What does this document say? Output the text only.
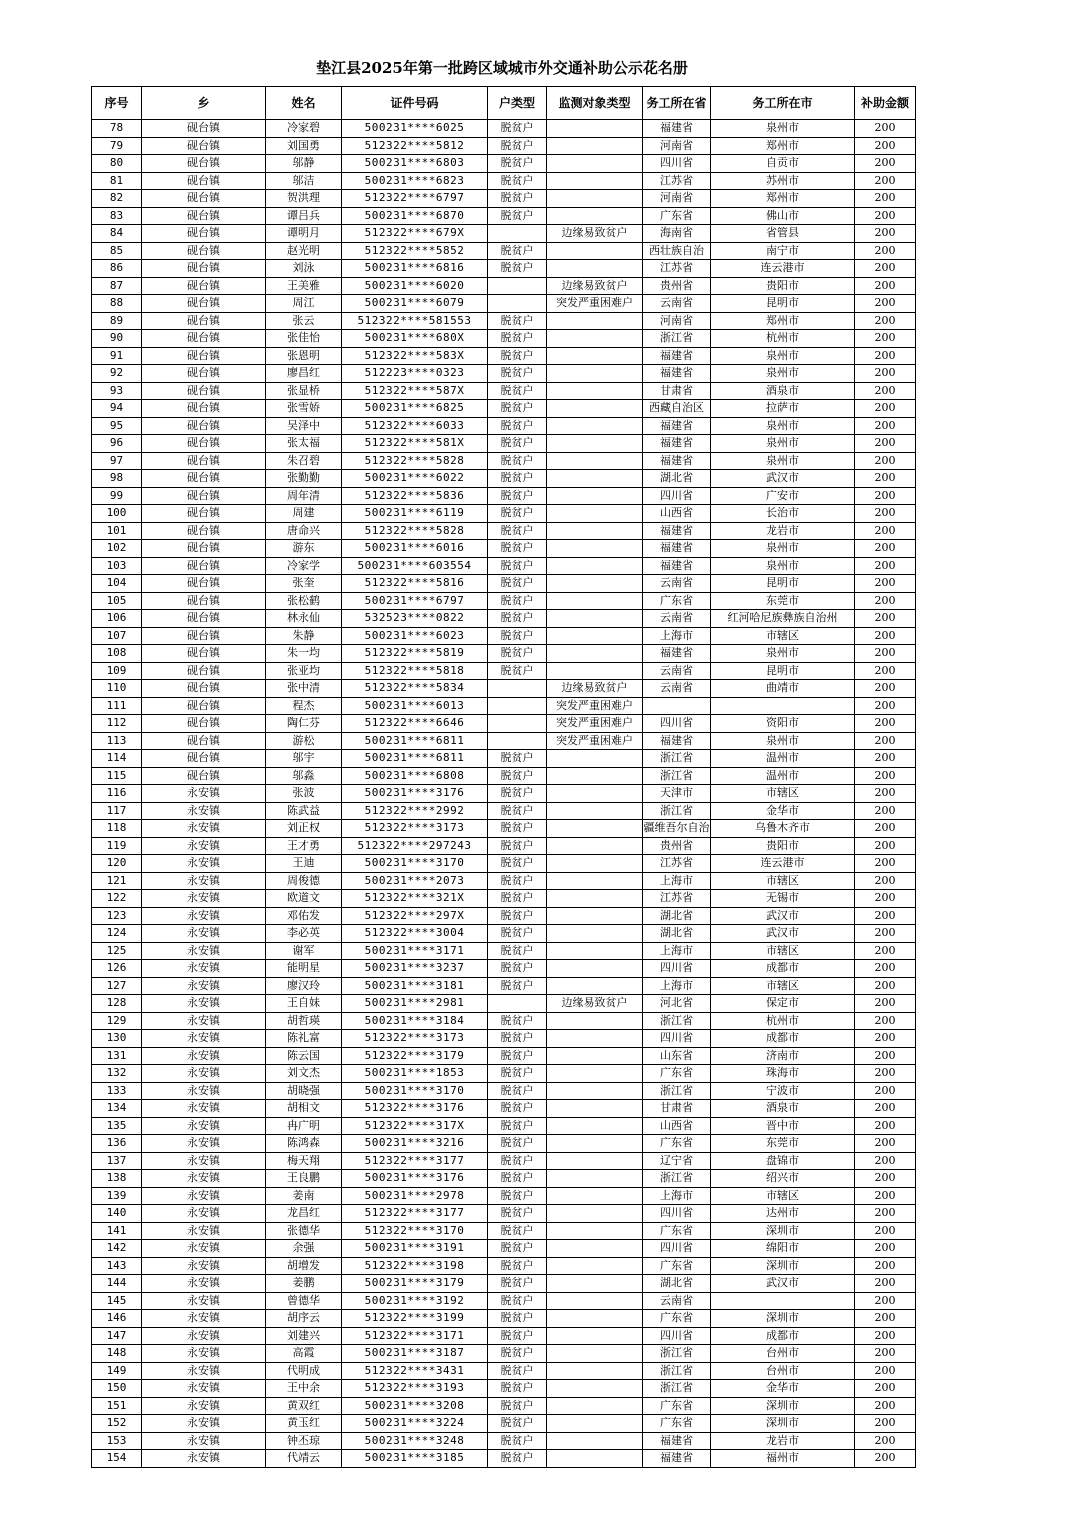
垫江县2025年第一批跨区域城市外交通补助公示花名册
序号	乡	姓名	证件号码	户类型	监测对象类型	务工所在省	务工所在市	补助金额
78	砚台镇	冷家碧	500231****6025	脱贫户		福建省	泉州市	200
79	砚台镇	刘国勇	512322****5812	脱贫户		河南省	郑州市	200
80	砚台镇	邬静	500231****6803	脱贫户		四川省	自贡市	200
81	砚台镇	邬洁	500231****6823	脱贫户		江苏省	苏州市	200
82	砚台镇	贺洪理	512322****6797	脱贫户		河南省	郑州市	200
83	砚台镇	谭吕兵	500231****6870	脱贫户		广东省	佛山市	200
84	砚台镇	谭明月	512322****679X		边缘易致贫户	海南省	省管县	200
85	砚台镇	赵光明	512322****5852	脱贫户		西壮族自治	南宁市	200
86	砚台镇	刘泳	500231****6816	脱贫户		江苏省	连云港市	200
87	砚台镇	王美雅	500231****6020		边缘易致贫户	贵州省	贵阳市	200
88	砚台镇	周江	500231****6079		突发严重困难户	云南省	昆明市	200
89	砚台镇	张云	512322****581553	脱贫户		河南省	郑州市	200
90	砚台镇	张佳怡	500231****680X	脱贫户		浙江省	杭州市	200
91	砚台镇	张恩明	512322****583X	脱贫户		福建省	泉州市	200
92	砚台镇	廖昌红	512223****0323	脱贫户		福建省	泉州市	200
93	砚台镇	张显桥	512322****587X	脱贫户		甘肃省	酒泉市	200
94	砚台镇	张雪娇	500231****6825	脱贫户		西藏自治区	拉萨市	200
95	砚台镇	吴泽中	512322****6033	脱贫户		福建省	泉州市	200
96	砚台镇	张太福	512322****581X	脱贫户		福建省	泉州市	200
97	砚台镇	朱召碧	512322****5828	脱贫户		福建省	泉州市	200
98	砚台镇	张勤勤	500231****6022	脱贫户		湖北省	武汉市	200
99	砚台镇	周年清	512322****5836	脱贫户		四川省	广安市	200
100	砚台镇	周建	500231****6119	脱贫户		山西省	长治市	200
101	砚台镇	唐命兴	512322****5828	脱贫户		福建省	龙岩市	200
102	砚台镇	游东	500231****6016	脱贫户		福建省	泉州市	200
103	砚台镇	冷家学	500231****603554	脱贫户		福建省	泉州市	200
104	砚台镇	张奎	512322****5816	脱贫户		云南省	昆明市	200
105	砚台镇	张松鹤	500231****6797	脱贫户		广东省	东莞市	200
106	砚台镇	林永仙	532523****0822	脱贫户		云南省	红河哈尼族彝族自治州	200
107	砚台镇	朱静	500231****6023	脱贫户		上海市	市辖区	200
108	砚台镇	朱一均	512322****5819	脱贫户		福建省	泉州市	200
109	砚台镇	张亚均	512322****5818	脱贫户		云南省	昆明市	200
110	砚台镇	张中清	512322****5834		边缘易致贫户	云南省	曲靖市	200
111	砚台镇	程杰	500231****6013		突发严重困难户			200
112	砚台镇	陶仁芬	512322****6646		突发严重困难户	四川省	资阳市	200
113	砚台镇	游松	500231****6811		突发严重困难户	福建省	泉州市	200
114	砚台镇	邬宇	500231****6811	脱贫户		浙江省	温州市	200
115	砚台镇	邬淼	500231****6808	脱贫户		浙江省	温州市	200
116	永安镇	张波	500231****3176	脱贫户		天津市	市辖区	200
117	永安镇	陈武益	512322****2992	脱贫户		浙江省	金华市	200
118	永安镇	刘正权	512322****3173	脱贫户		疆维吾尔自治	乌鲁木齐市	200
119	永安镇	王才勇	512322****297243	脱贫户		贵州省	贵阳市	200
120	永安镇	王迪	500231****3170	脱贫户		江苏省	连云港市	200
121	永安镇	周俊德	500231****2073	脱贫户		上海市	市辖区	200
122	永安镇	欧道文	512322****321X	脱贫户		江苏省	无锡市	200
123	永安镇	邓佑发	512322****297X	脱贫户		湖北省	武汉市	200
124	永安镇	李必英	512322****3004	脱贫户		湖北省	武汉市	200
125	永安镇	谢军	500231****3171	脱贫户		上海市	市辖区	200
126	永安镇	能明星	500231****3237	脱贫户		四川省	成都市	200
127	永安镇	廖汉玲	500231****3181	脱贫户		上海市	市辖区	200
128	永安镇	王自妹	500231****2981		边缘易致贫户	河北省	保定市	200
129	永安镇	胡哲瑛	500231****3184	脱贫户		浙江省	杭州市	200
130	永安镇	陈礼富	512322****3173	脱贫户		四川省	成都市	200
131	永安镇	陈云国	512322****3179	脱贫户		山东省	济南市	200
132	永安镇	刘文杰	500231****1853	脱贫户		广东省	珠海市	200
133	永安镇	胡晓强	500231****3170	脱贫户		浙江省	宁波市	200
134	永安镇	胡相文	512322****3176	脱贫户		甘肃省	酒泉市	200
135	永安镇	冉广明	512322****317X	脱贫户		山西省	晋中市	200
136	永安镇	陈鸿森	500231****3216	脱贫户		广东省	东莞市	200
137	永安镇	梅天翔	512322****3177	脱贫户		辽宁省	盘锦市	200
138	永安镇	王良鹏	500231****3176	脱贫户		浙江省	绍兴市	200
139	永安镇	姜南	500231****2978	脱贫户		上海市	市辖区	200
140	永安镇	龙昌红	512322****3177	脱贫户		四川省	达州市	200
141	永安镇	张德华	512322****3170	脱贫户		广东省	深圳市	200
142	永安镇	余强	500231****3191	脱贫户		四川省	绵阳市	200
143	永安镇	胡增发	512322****3198	脱贫户		广东省	深圳市	200
144	永安镇	姜鹏	500231****3179	脱贫户		湖北省	武汉市	200
145	永安镇	曾德华	500231****3192	脱贫户		云南省		200
146	永安镇	胡序云	512322****3199	脱贫户		广东省	深圳市	200
147	永安镇	刘建兴	512322****3171	脱贫户		四川省	成都市	200
148	永安镇	高霞	500231****3187	脱贫户		浙江省	台州市	200
149	永安镇	代明成	512322****3431	脱贫户		浙江省	台州市	200
150	永安镇	王中余	512322****3193	脱贫户		浙江省	金华市	200
151	永安镇	黄双红	500231****3208	脱贫户		广东省	深圳市	200
152	永安镇	黄玉红	500231****3224	脱贫户		广东省	深圳市	200
153	永安镇	钟丕琼	500231****3248	脱贫户		福建省	龙岩市	200
154	永安镇	代靖云	500231****3185	脱贫户		福建省	福州市	200
